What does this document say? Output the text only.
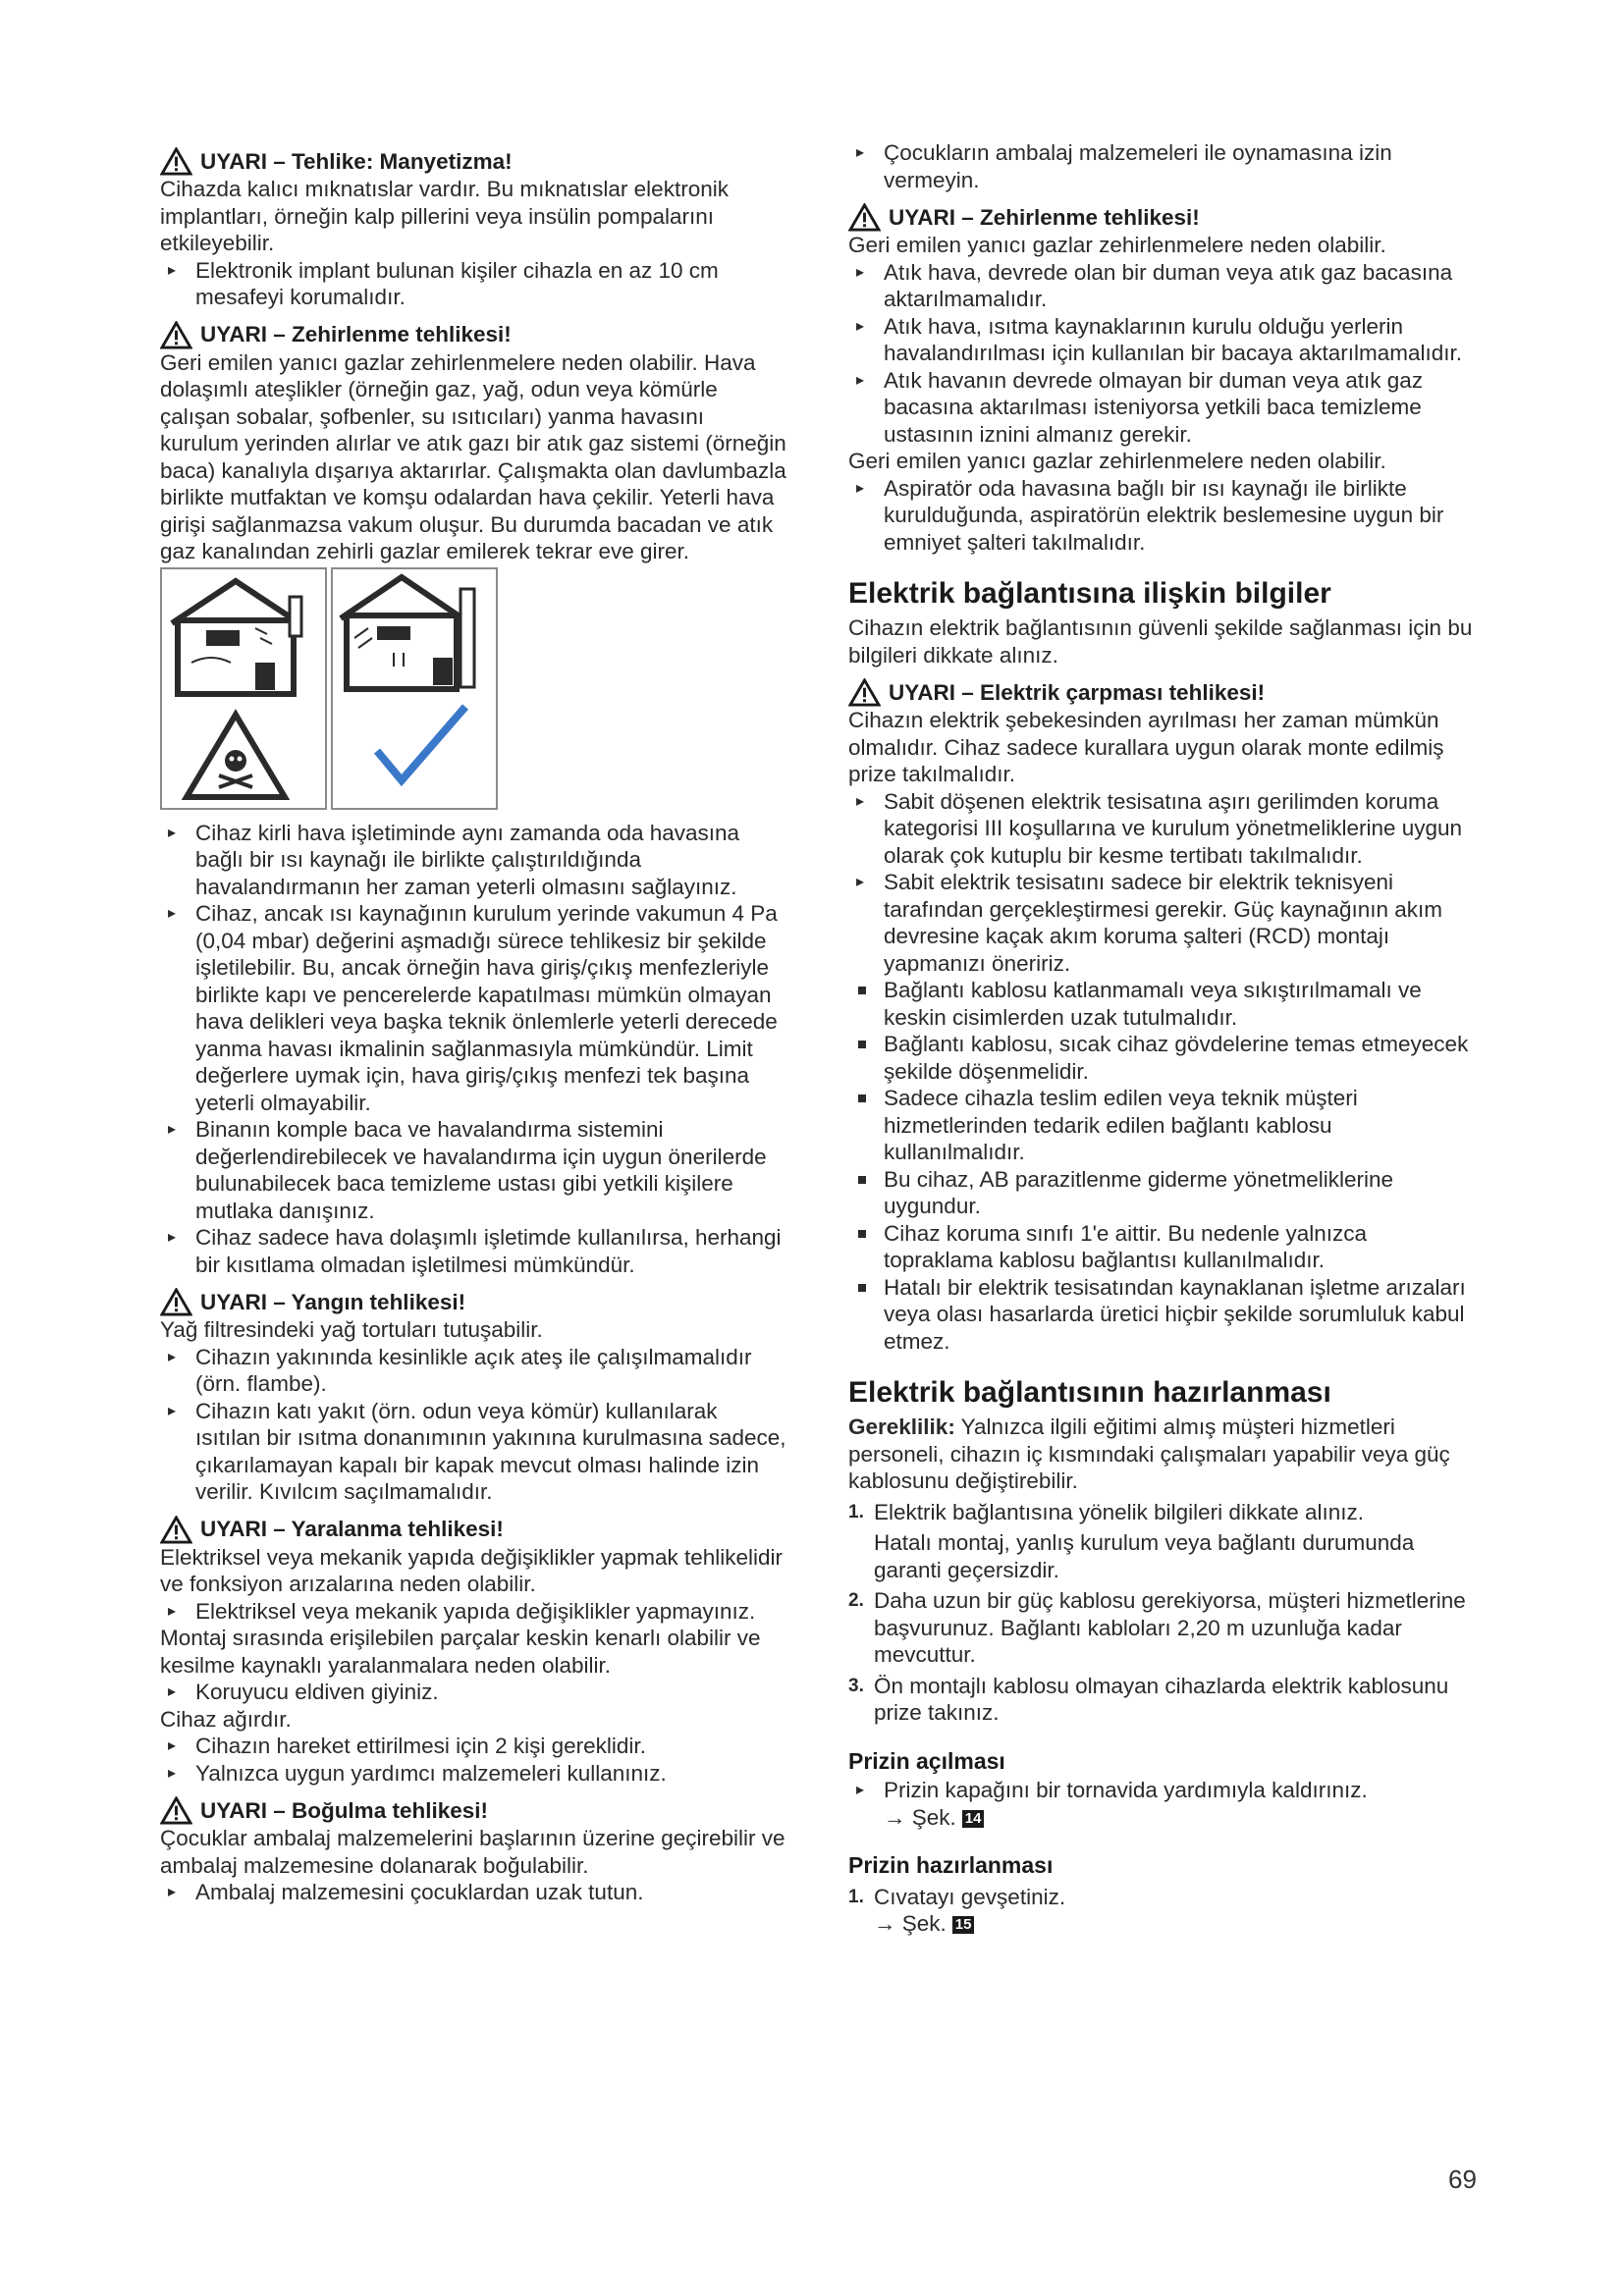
UYARI – Tehlike: Manyetizma!

Cihazda kalıcı mıknatıslar vardır. Bu mıknatıslar elektronik implantları, örneğin kalp pillerini veya insülin pompalarını etkileyebilir.

▸ Elektronik implant bulunan kişiler cihazla en az 10 cm mesafeyi korumalıdır.

UYARI – Zehirlenme tehlikesi!

Geri emilen yanıcı gazlar zehirlenmelere neden olabilir. Hava dolaşımlı ateşlikler (örneğin gaz, yağ, odun veya kömürle çalışan sobalar, şofbenler, su ısıtıcıları) yanma havasını kurulum yerinden alırlar ve atık gazı bir atık gaz sistemi (örneğin baca) kanalıyla dışarıya aktarırlar. Çalışmakta olan davlumbazla birlikte mutfaktan ve komşu odalardan hava çekilir. Yeterli hava girişi sağlanmazsa vakum oluşur. Bu durumda bacadan ve atık gaz kanalından zehirli gazlar emilerek tekrar eve girer.

▸ Cihaz kirli hava işletiminde aynı zamanda oda havasına bağlı bir ısı kaynağı ile birlikte çalıştırıldığında havalandırmanın her zaman yeterli olmasını sağlayınız.

▸ Cihaz, ancak ısı kaynağının kurulum yerinde vakumun 4 Pa (0,04 mbar) değerini aşmadığı sürece tehlikesiz bir şekilde işletilebilir. Bu, ancak örneğin hava giriş/çıkış menfezleriyle birlikte kapı ve pencerelerde kapatılması mümkün olmayan hava delikleri veya başka teknik önlemlerle yeterli derecede yanma havası ikmalinin sağlanmasıyla mümkündür. Limit değerlere uymak için, hava giriş/çıkış menfezi tek başına yeterli olmayabilir.

▸ Binanın komple baca ve havalandırma sistemini değerlendirebilecek ve havalandırma için uygun önerilerde bulunabilecek baca temizleme ustası gibi yetkili kişilere mutlaka danışınız.

▸ Cihaz sadece hava dolaşımlı işletimde kullanılırsa, herhangi bir kısıtlama olmadan işletilmesi mümkündür.

UYARI – Yangın tehlikesi!

Yağ filtresindeki yağ tortuları tutuşabilir.

▸ Cihazın yakınında kesinlikle açık ateş ile çalışılmamalıdır (örn. flambe).

▸ Cihazın katı yakıt (örn. odun veya kömür) kullanılarak ısıtılan bir ısıtma donanımının yakınına kurulmasına sadece, çıkarılamayan kapalı bir kapak mevcut olması halinde izin verilir. Kıvılcım saçılmamalıdır.

UYARI – Yaralanma tehlikesi!

Elektriksel veya mekanik yapıda değişiklikler yapmak tehlikelidir ve fonksiyon arızalarına neden olabilir.

▸ Elektriksel veya mekanik yapıda değişiklikler yapmayınız.

Montaj sırasında erişilebilen parçalar keskin kenarlı olabilir ve kesilme kaynaklı yaralanmalara neden olabilir.

▸ Koruyucu eldiven giyiniz.

Cihaz ağırdır.

▸ Cihazın hareket ettirilmesi için 2 kişi gereklidir.

▸ Yalnızca uygun yardımcı malzemeleri kullanınız.

UYARI – Boğulma tehlikesi!

Çocuklar ambalaj malzemelerini başlarının üzerine geçirebilir ve ambalaj malzemesine dolanarak boğulabilir.

▸ Ambalaj malzemesini çocuklardan uzak tutun.

▸ Çocukların ambalaj malzemeleri ile oynamasına izin vermeyin.

UYARI – Zehirlenme tehlikesi!

Geri emilen yanıcı gazlar zehirlenmelere neden olabilir.

▸ Atık hava, devrede olan bir duman veya atık gaz bacasına aktarılmamalıdır.

▸ Atık hava, ısıtma kaynaklarının kurulu olduğu yerlerin havalandırılması için kullanılan bir bacaya aktarılmamalıdır.

▸ Atık havanın devrede olmayan bir duman veya atık gaz bacasına aktarılması isteniyorsa yetkili baca temizleme ustasının iznini almanız gerekir.

Geri emilen yanıcı gazlar zehirlenmelere neden olabilir.

▸ Aspiratör oda havasına bağlı bir ısı kaynağı ile birlikte kurulduğunda, aspiratörün elektrik beslemesine uygun bir emniyet şalteri takılmalıdır.

Elektrik bağlantısına ilişkin bilgiler

Cihazın elektrik bağlantısının güvenli şekilde sağlanması için bu bilgileri dikkate alınız.

UYARI – Elektrik çarpması tehlikesi!

Cihazın elektrik şebekesinden ayrılması her zaman mümkün olmalıdır. Cihaz sadece kurallara uygun olarak monte edilmiş prize takılmalıdır.

▸ Sabit döşenen elektrik tesisatına aşırı gerilimden koruma kategorisi III koşullarına ve kurulum yönetmeliklerine uygun olarak çok kutuplu bir kesme tertibatı takılmalıdır.

▸ Sabit elektrik tesisatını sadece bir elektrik teknisyeni tarafından gerçekleştirmesi gerekir. Güç kaynağının akım devresine kaçak akım koruma şalteri (RCD) montajı yapmanızı öneririz.

Bağlantı kablosu katlanmamalı veya sıkıştırılmamalı ve keskin cisimlerden uzak tutulmalıdır.

Bağlantı kablosu, sıcak cihaz gövdelerine temas etmeyecek şekilde döşenmelidir.

Sadece cihazla teslim edilen veya teknik müşteri hizmetlerinden tedarik edilen bağlantı kablosu kullanılmalıdır.

Bu cihaz, AB parazitlenme giderme yönetmeliklerine uygundur.

Cihaz koruma sınıfı 1'e aittir. Bu nedenle yalnızca topraklama kablosu bağlantısı kullanılmalıdır.

Hatalı bir elektrik tesisatından kaynaklanan işletme arızaları veya olası hasarlarda üretici hiçbir şekilde sorumluluk kabul etmez.

Elektrik bağlantısının hazırlanması

Gereklilik: Yalnızca ilgili eğitimi almış müşteri hizmetleri personeli, cihazın iç kısmındaki çalışmaları yapabilir veya güç kablosunu değiştirebilir.

1. Elektrik bağlantısına yönelik bilgileri dikkate alınız.
Hatalı montaj, yanlış kurulum veya bağlantı durumunda garanti geçersizdir.
2. Daha uzun bir güç kablosu gerekiyorsa, müşteri hizmetlerine başvurunuz. Bağlantı kabloları 2,20 m uzunluğa kadar mevcuttur.
3. Ön montajlı kablosu olmayan cihazlarda elektrik kablosunu prize takınız.
Prizin açılması

▸ Prizin kapağını bir tornavida yardımıyla kaldırınız.

→ Şek. 14

Prizin hazırlanması
1. Cıvatayı gevşetiniz.

→ Şek. 15

69
